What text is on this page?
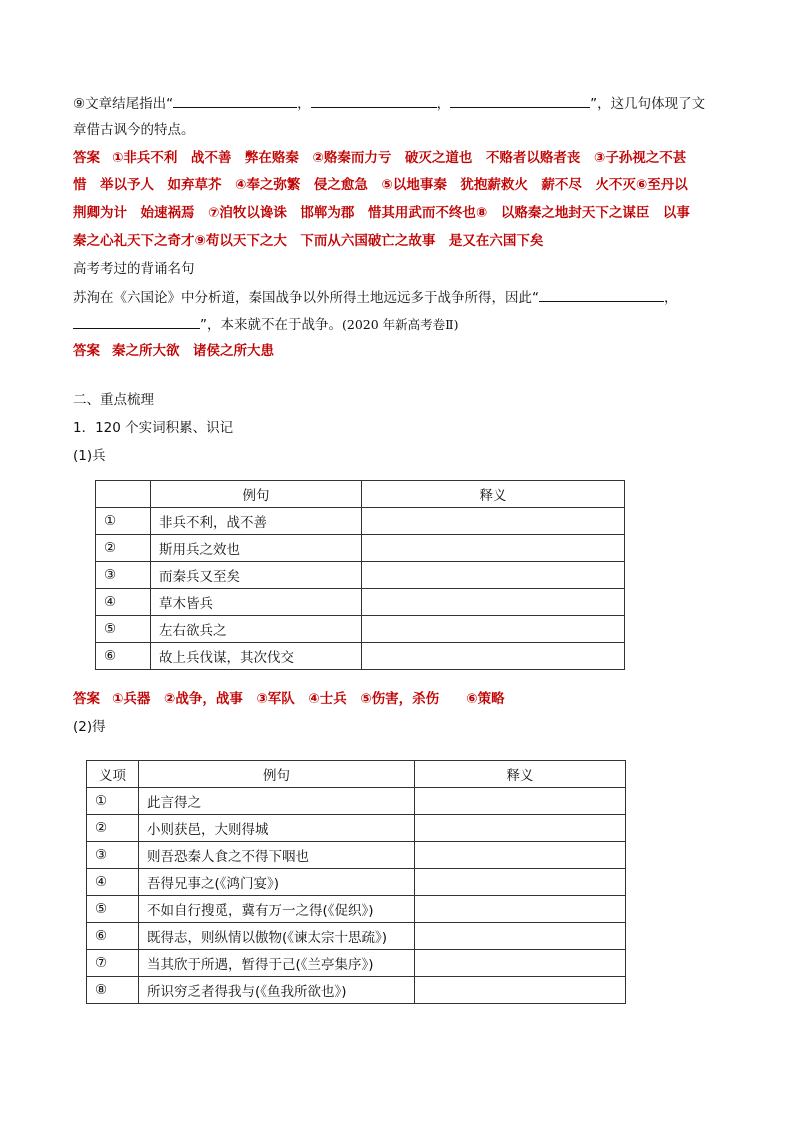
⑨文章结尾指出“	，	，	”，这几句体现了文
章借古讽今的特点。
答案 ①非兵不利　战不善　弊在赂秦　②赂秦而力亏　破灭之道也　不赂者以赂者丧　③子孙视之不甚
惜　举以予人　如弃草芥　④奉之弥繁　侵之愈急　⑤以地事秦　犹抱薪救火　薪不尽　火不灭⑥至丹以
荆卿为计　始速祸焉　⑦洎牧以谗诛　邯郸为郡　惜其用武而不终也⑧　以赂秦之地封天下之谋臣　以事
秦之心礼天下之奇才⑨苟以天下之大　下而从六国破亡之故事　是又在六国下矣
高考考过的背诵名句
苏洵在《六国论》中分析道，秦国战争以外所得土地远远多于战争所得，因此“	，
”，本来就不在于战争。(2020 年新高考卷Ⅱ)
答案 秦之所大欲　诸侯之所大患
二、重点梳理
1．120 个实词积累、识记
(1)兵
	例句	释义
①	非兵不利，战不善	
②	斯用兵之效也	
③	而秦兵又至矣	
④	草木皆兵	
⑤	左右欲兵之	
⑥	故上兵伐谋，其次伐交	
答案 ①兵器　②战争，战事　③军队　④士兵　⑤伤害，杀伤　　⑥策略
(2)得
义项	例句	释义
①	此言得之	
②	小则获邑，大则得城	
③	则吾恐秦人食之不得下咽也	
④	吾得兄事之(《鸿门宴》)	
⑤	不如自行搜觅，冀有万一之得(《促织》)	
⑥	既得志，则纵情以傲物(《谏太宗十思疏》)	
⑦	当其欣于所遇，暂得于己(《兰亭集序》)	
⑧	所识穷乏者得我与(《鱼我所欲也》)	
